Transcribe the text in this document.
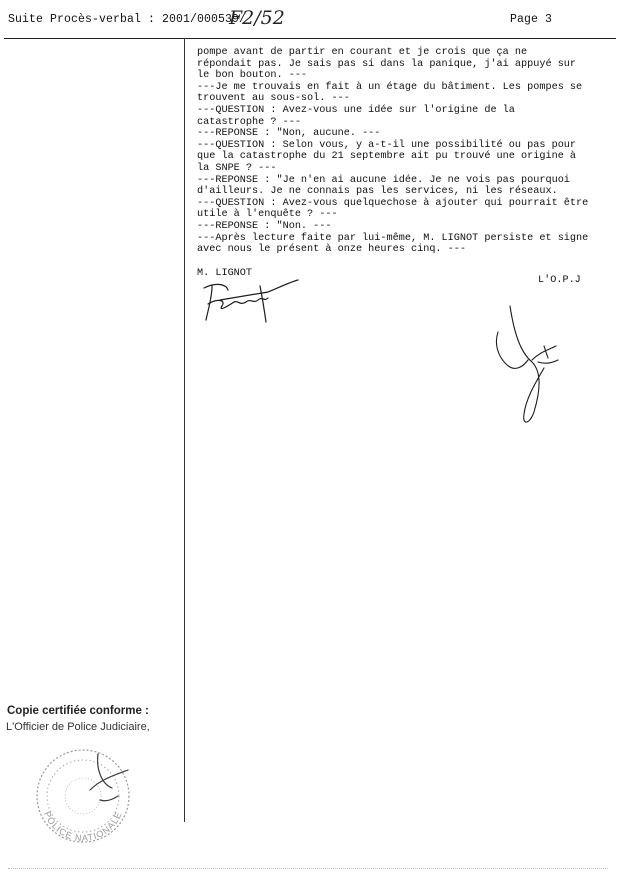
Suite Procès-verbal : 2001/000539/
F2/52	Page 3
pompe avant de partir en courant et je crois que ça ne
répondait pas. Je sais pas si dans la panique, j'ai appuyé sur
le bon bouton. ---
---Je me trouvais en fait à un étage du bâtiment. Les pompes se
trouvent au sous-sol. ---
---QUESTION : Avez-vous une idée sur l'origine de la
catastrophe ? ---
---REPONSE : "Non, aucune. ---
---QUESTION : Selon vous, y a-t-il une possibilité ou pas pour
que la catastrophe du 21 septembre ait pu trouvé une origine à
la SNPE ? ---
---REPONSE : "Je n'en ai aucune idée. Je ne vois pas pourquoi
d'ailleurs. Je ne connais pas les services, ni les réseaux.
---QUESTION : Avez-vous quelquechose à ajouter qui pourrait être
utile à l'enquête ? ---
---REPONSE : "Non. ---
---Après lecture faite par lui-même, M. LIGNOT persiste et signe
avec nous le présent à onze heures cinq. ---
M. LIGNOT
L'O.P.J
Copie certifiée conforme :
L'Officier de Police Judiciaire,
POLICE NATIONALE
